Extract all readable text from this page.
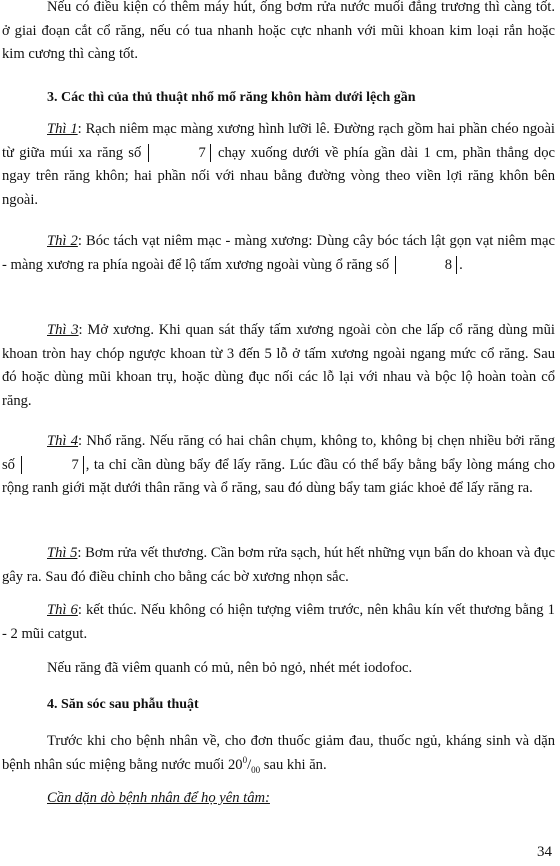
Nếu có điều kiện có thêm máy hút, ống bơm rửa nước muối đẳng trương thì càng tốt. ở giai đoạn cắt cổ răng, nếu có tua nhanh hoặc cực nhanh với mũi khoan kim loại rắn hoặc kim cương thì càng tốt.

3. Các thì của thủ thuật nhổ mổ răng khôn hàm dưới lệch gần

Thì 1: Rạch niêm mạc màng xương hình lưỡi lê. Đường rạch gồm hai phần chéo ngoài từ giữa múi xa răng số	7 chạy xuống dưới về phía gần dài 1 cm, phần thẳng dọc ngay trên răng khôn; hai phần nối với nhau bằng đường vòng theo viền lợi răng khôn bên ngoài.

Thì 2: Bóc tách vạt niêm mạc - màng xương: Dùng cây bóc tách lật gọn vạt niêm mạc - màng xương ra phía ngoài để lộ tấm xương ngoài vùng ổ răng số	8 .

Thì 3: Mở xương. Khi quan sát thấy tấm xương ngoài còn che lấp cổ răng dùng mũi khoan tròn hay chóp ngược khoan từ 3 đến 5 lỗ ở tấm xương ngoài ngang mức cổ răng. Sau đó hoặc dùng mũi khoan trụ, hoặc dùng đục nối các lỗ lại với nhau và bộc lộ hoàn toàn cổ răng.

Thì 4: Nhổ răng. Nếu răng có hai chân chụm, không to, không bị chẹn nhiều bởi răng số	7 , ta chỉ cần dùng bẩy để lấy răng. Lúc đầu có thể bẩy bằng bẩy lòng máng cho rộng ranh giới mặt dưới thân răng và ổ răng, sau đó dùng bẩy tam giác khoẻ để lấy răng ra.

Thì 5: Bơm rửa vết thương. Cần bơm rửa sạch, hút hết những vụn bẩn do khoan và đục gây ra. Sau đó điều chỉnh cho bằng các bờ xương nhọn sắc.

Thì 6: kết thúc. Nếu không có hiện tượng viêm trước, nên khâu kín vết thương bằng 1 - 2 mũi catgut.

Nếu răng đã viêm quanh có mủ, nên bỏ ngỏ, nhét mét iodofoc.

4. Săn sóc sau phẫu thuật

Trước khi cho bệnh nhân về, cho đơn thuốc giảm đau, thuốc ngủ, kháng sinh và dặn bệnh nhân súc miệng bằng nước muối $20^0/_{00}$ sau khi ăn.

Cần dặn dò bệnh nhân để họ yên tâm:

34
